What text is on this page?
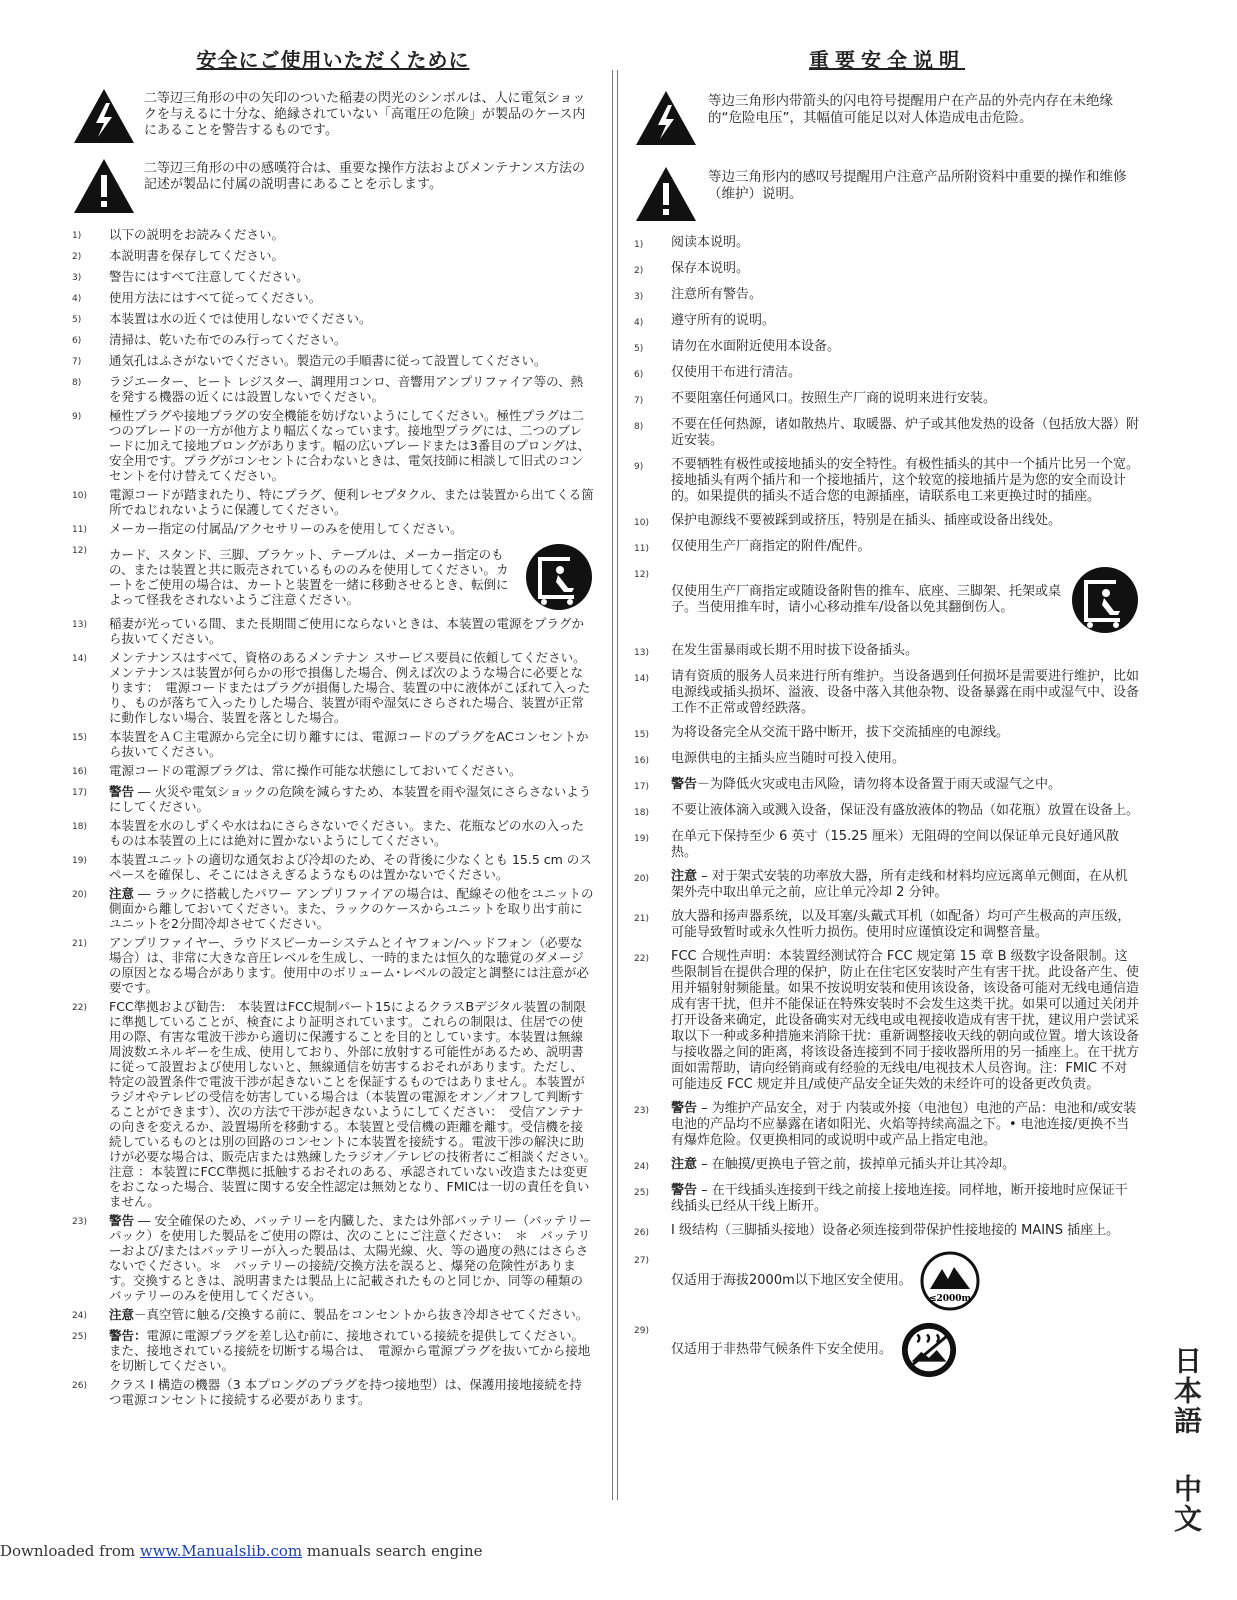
安全にご使用いただくために

二等辺三角形の中の矢印のついた稲妻の閃光のシンボルは、人に電気ショックを与えるに十分な、絶縁されていない「高電圧の危険」が製品のケース内にあることを警告するものです。

二等辺三角形の中の感嘆符合は、重要な操作方法およびメンテナンス方法の記述が製品に付属の説明書にあることを示します。

1)	以下の説明をお読みください。
2)	本説明書を保存してください。
3)	警告にはすべて注意してください。
4)	使用方法にはすべて従ってください。
5)	本装置は水の近くでは使用しないでください。
6)	清掃は、乾いた布でのみ行ってください。
7)	通気孔はふさがないでください。製造元の手順書に従って設置してください。
8)	ラジエーター、ヒート レジスター、調理用コンロ、音響用アンプリファイア等の、熱を発する機器の近くには設置しないでください。
9)	極性プラグや接地プラグの安全機能を妨げないようにしてください。極性プラグは二つのブレードの一方が他方より幅広くなっています。接地型プラグには、二つのブレードに加えて接地プロングがあります。幅の広いブレードまたは3番目のプロングは、安全用です。プラグがコンセントに合わないときは、電気技師に相談して旧式のコンセントを付け替えてください。
10)	電源コードが踏まれたり、特にプラグ、便利レセプタクル、または装置から出てくる箇所でねじれないように保護してください。
11)	メーカー指定の付属品/アクセサリーのみを使用してください。
12)	カード、スタンド、三脚、ブラケット、テーブルは、メーカー指定のもの、または装置と共に販売されているもののみを使用してください。カートをご使用の場合は、カートと装置を一緒に移動させるとき、転倒によって怪我をされないようご注意ください。
13)	稲妻が光っている間、また長期間ご使用にならないときは、本装置の電源をプラグから抜いてください。
14)	メンテナンスはすべて、資格のあるメンテナン スサービス要員に依頼してください。メンテナンスは装置が何らかの形で損傷した場合、例えば次のような場合に必要となります：　電源コードまたはプラグが損傷した場合、装置の中に液体がこぼれて入ったり、ものが落ちて入ったりした場合、装置が雨や湿気にさらされた場合、装置が正常に動作しない場合、装置を落とした場合。
15)	本装置をＡＣ主電源から完全に切り離すには、電源コードのプラグをACコンセントから抜いてください。
16)	電源コードの電源プラグは、常に操作可能な状態にしておいてください。
17)	警告 ― 火災や電気ショックの危険を減らすため、本装置を雨や湿気にさらさないようにしてください。
18)	本装置を水のしずくや水はねにさらさないでください。また、花瓶などの水の入ったものは本装置の上には絶対に置かないようにしてください。
19)	本装置ユニットの適切な通気および冷却のため、その背後に少なくとも 15.5 cm のスペースを確保し、そこにはさえぎるようなものは置かないでください。
20)	注意 ― ラックに搭載したパワー アンプリファイアの場合は、配線その他をユニットの側面から離しておいてください。また、ラックのケースからユニットを取り出す前にユニットを2分間冷却させてください。
21)	アンプリファイヤー、ラウドスピーカーシステムとイヤフォン/ヘッドフォン（必要な場合）は、非常に大きな音圧レベルを生成し、一時的または恒久的な聴覚のダメージの原因となる場合があります。使用中のボリューム･レベルの設定と調整には注意が必要です。
22)	FCC準拠および勧告:　本装置はFCC規制パート15によるクラスBデジタル装置の制限に準拠していることが、検査により証明されています。これらの制限は、住居での使用の際、有害な電波干渉から適切に保護することを目的としています。本装置は無線周波数エネルギーを生成、使用しており、外部に放射する可能性があるため、説明書に従って設置および使用しないと、無線通信を妨害するおそれがあります。ただし、特定の設置条件で電波干渉が起きないことを保証するものではありません。本装置がラジオやテレビの受信を妨害している場合は（本装置の電源をオン／オフして判断することができます）、次の方法で干渉が起きないようにしてください：　受信アンテナの向きを変えるか、設置場所を移動する。本装置と受信機の距離を離す。受信機を接続しているものとは別の回路のコンセントに本装置を接続する。電波干渉の解決に助けが必要な場合は、販売店または熟練したラジオ／テレビの技術者にご相談ください。　注意 ：本装置にFCC準拠に抵触するおそれのある、承認されていない改造または変更をおこなった場合、装置に関する安全性認定は無効となり、FMICは一切の責任を負いません。
23)	警告 ― 安全確保のため、バッテリーを内臓した、または外部バッテリー（バッテリーパック）を使用した製品をご使用の際は、次のことにご注意ください：　＊　バッテリーおよび/またはバッテリーが入った製品は、太陽光線、火、等の過度の熱にはさらさないでください。＊　バッテリーの接続/交換方法を誤ると、爆発の危険性があります。交換するときは、説明書または製品上に記載されたものと同じか、同等の種類のバッテリーのみを使用してください。
24)	注意－真空管に触る/交換する前に、製品をコンセントから抜き冷却させてください。
25)	警告：電源に電源プラグを差し込む前に、接地されている接続を提供してください。また、接地されている接続を切断する場合は、　電源から電源プラグを抜いてから接地を切断してください。
26)	クラス I 構造の機器（3 本プロングのプラグを持つ接地型）は、保護用接地接続を持つ電源コンセントに接続する必要があります。
重要安全说明

等边三角形内带箭头的闪电符号提醒用户在产品的外壳内存在未绝缘的“危险电压”，其幅值可能足以对人体造成电击危险。

等边三角形内的感叹号提醒用户注意产品所附资料中重要的操作和维修（维护）说明。

1)	阅读本说明。
2)	保存本说明。
3)	注意所有警告。
4)	遵守所有的说明。
5)	请勿在水面附近使用本设备。
6)	仅使用干布进行清洁。
7)	不要阻塞任何通风口。按照生产厂商的说明来进行安装。
8)	不要在任何热源，诸如散热片、取暖器、炉子或其他发热的设备（包括放大器）附近安装。
9)	不要牺牲有极性或接地插头的安全特性。有极性插头的其中一个插片比另一个宽。　接地插头有两个插片和一个接地插片，这个较宽的接地插片是为您的安全而设计的。如果提供的插头不适合您的电源插座，请联系电工来更换过时的插座。
10)	保护电源线不要被踩到或挤压，特别是在插头、插座或设备出线处。
11)	仅使用生产厂商指定的附件/配件。
12)
仅使用生产厂商指定或随设备附售的推车、底座、三脚架、托架或桌子。当使用推车时，请小心移动推车/设备以免其翻倒伤人。
13)	在发生雷暴雨或长期不用时拔下设备插头。
14)	请有资质的服务人员来进行所有维护。当设备遇到任何损坏是需要进行维护，比如电源线或插头损坏、溢液、设备中落入其他杂物、设备暴露在雨中或湿气中、设备工作不正常或曾经跌落。
15)	为将设备完全从交流干路中断开，拔下交流插座的电源线。
16)	电源供电的主插头应当随时可投入使用。
17)	警告－为降低火灾或电击风险，请勿将本设备置于雨天或湿气之中。
18)	不要让液体滴入或溅入设备，保证没有盛放液体的物品（如花瓶）放置在设备上。
19)	在单元下保持至少 6 英寸（15.25 厘米）无阻碍的空间以保证单元良好通风散热。
20)	注意 – 对于架式安装的功率放大器，所有走线和材料均应远离单元侧面，在从机架外壳中取出单元之前，应让单元冷却 2 分钟。
21)	放大器和扬声器系统，以及耳塞/头戴式耳机（如配备）均可产生极高的声压级，可能导致暂时或永久性听力损伤。使用时应谨慎设定和调整音量。
22)	FCC 合规性声明：本装置经测试符合 FCC 规定第 15 章 B 级数字设备限制。这些限制旨在提供合理的保护，防止在住宅区安装时产生有害干扰。此设备产生、使用并辐射射频能量。如果不按说明安装和使用该设备，该设备可能对无线电通信造成有害干扰，但并不能保证在特殊安装时不会发生这类干扰。如果可以通过关闭并打开设备来确定，此设备确实对无线电或电视接收造成有害干扰，建议用户尝试采取以下一种或多种措施来消除干扰：重新调整接收天线的朝向或位置。增大该设备与接收器之间的距离，将该设备连接到不同于接收器所用的另一插座上。在干扰方面如需帮助，请向经销商或有经验的无线电/电视技术人员咨询。注：FMIC 不对可能违反 FCC 规定并且/或使产品安全证失效的未经许可的设备更改负责。
23)	警告 – 为维护产品安全，对于 内装或外接（电池包）电池的产品：电池和/或安装电池的产品均不应暴露在诸如阳光、火焰等持续高温之下。• 电池连接/更换不当有爆炸危险。仅更换相同的或说明中或产品上指定电池。
24)	注意 – 在触摸/更换电子管之前，拔掉单元插头并让其冷却。
25)	警告 – 在干线插头连接到干线之前接上接地连接。同样地，断开接地时应保证干线插头已经从干线上断开。
26)	I 级结构（三脚插头接地）设备必须连接到带保护性接地接的 MAINS 插座上。
27)
仅适用于海拔2000m以下地区安全使用。
≤2000m
29)
仅适用于非热带气候条件下安全使用。	日本語
中文
Downloaded from www.Manualslib.com manuals search engine
